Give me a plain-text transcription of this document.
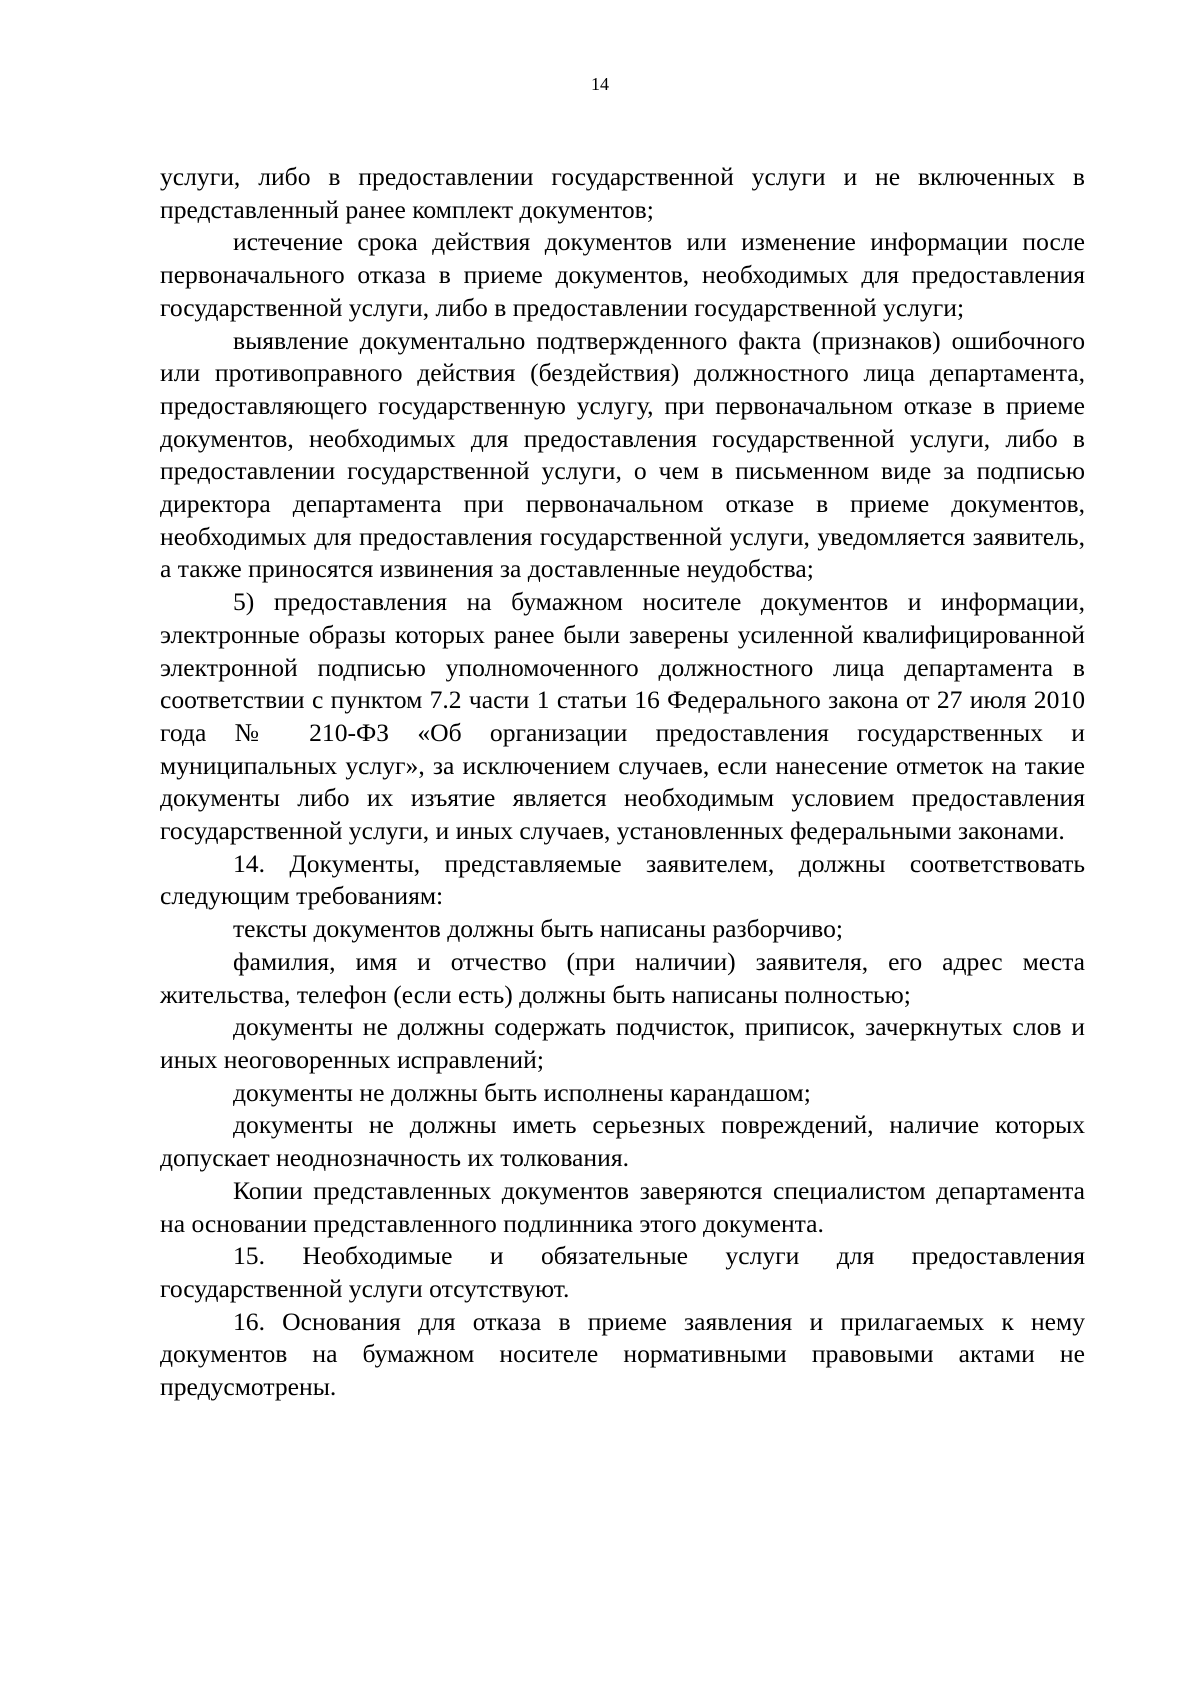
14

услуги, либо в предоставлении государственной услуги и не включенных в представленный ранее комплект документов;

истечение срока действия документов или изменение информации после первоначального отказа в приеме документов, необходимых для предоставления государственной услуги, либо в предоставлении государственной услуги;

выявление документально подтвержденного факта (признаков) ошибочного или противоправного действия (бездействия) должностного лица департамента, предоставляющего государственную услугу, при первоначальном отказе в приеме документов, необходимых для предоставления государственной услуги, либо в предоставлении государственной услуги, о чем в письменном виде за подписью директора департамента при первоначальном отказе в приеме документов, необходимых для предоставления государственной услуги, уведомляется заявитель, а также приносятся извинения за доставленные неудобства;

5) предоставления на бумажном носителе документов и информации, электронные образы которых ранее были заверены усиленной квалифицированной электронной подписью уполномоченного должностного лица департамента в соответствии с пунктом 7.2 части 1 статьи 16 Федерального закона от 27 июля 2010 года № 210-ФЗ «Об организации предоставления государственных и муниципальных услуг», за исключением случаев, если нанесение отметок на такие документы либо их изъятие является необходимым условием предоставления государственной услуги, и иных случаев, установленных федеральными законами.

14. Документы, представляемые заявителем, должны соответствовать следующим требованиям:

тексты документов должны быть написаны разборчиво;

фамилия, имя и отчество (при наличии) заявителя, его адрес места жительства, телефон (если есть) должны быть написаны полностью;

документы не должны содержать подчисток, приписок, зачеркнутых слов и иных неоговоренных исправлений;

документы не должны быть исполнены карандашом;

документы не должны иметь серьезных повреждений, наличие которых допускает неоднозначность их толкования.

Копии представленных документов заверяются специалистом департамента на основании представленного подлинника этого документа.

15. Необходимые и обязательные услуги для предоставления государственной услуги отсутствуют.

16. Основания для отказа в приеме заявления и прилагаемых к нему документов на бумажном носителе нормативными правовыми актами не предусмотрены.
